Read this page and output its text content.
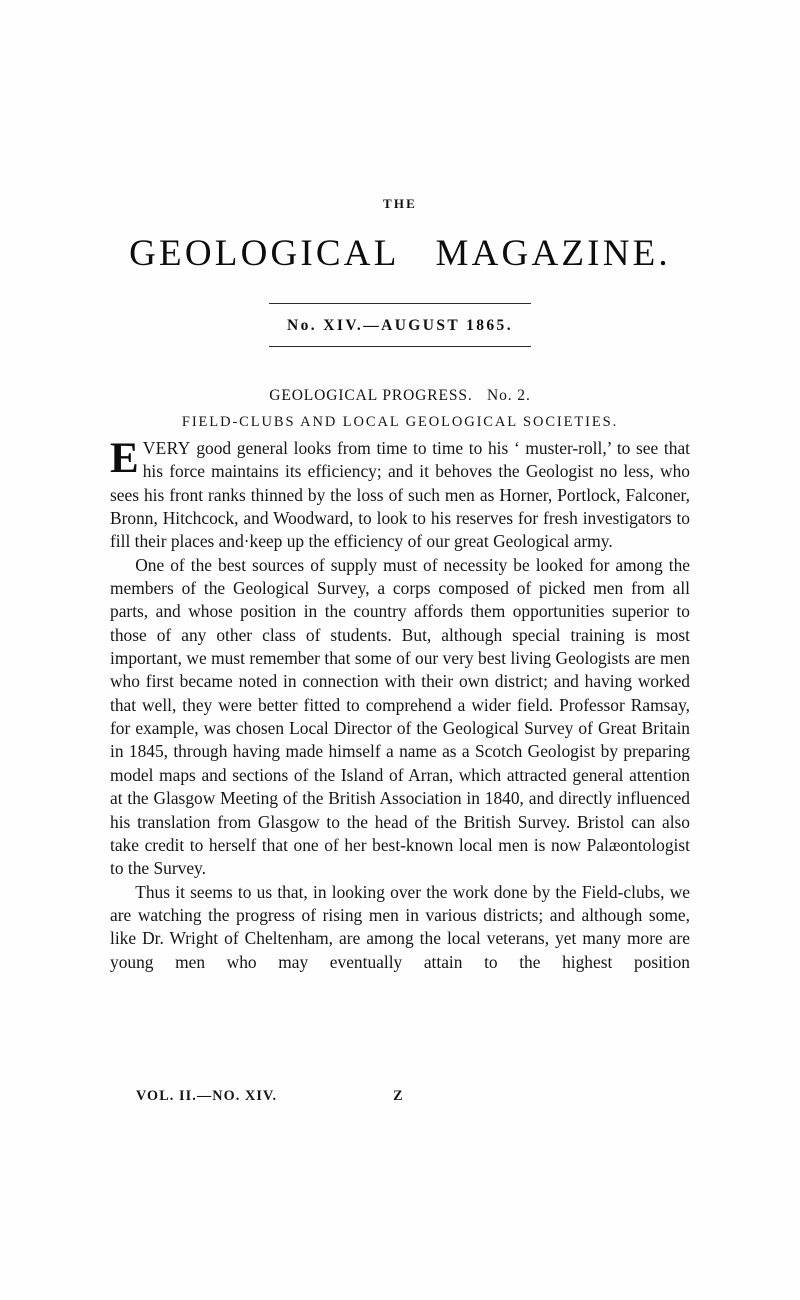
THE
GEOLOGICAL   MAGAZINE.
No. XIV.—AUGUST 1865.
GEOLOGICAL PROGRESS.   No. 2.
FIELD-CLUBS AND LOCAL GEOLOGICAL SOCIETIES.

EVERY good general looks from time to time to his ‘ muster-roll,’ to see that his force maintains its efficiency; and it behoves the Geologist no less, who sees his front ranks thinned by the loss of such men as Horner, Portlock, Falconer, Bronn, Hitchcock, and Woodward, to look to his reserves for fresh investigators to fill their places and·keep up the efficiency of our great Geological army.

One of the best sources of supply must of necessity be looked for among the members of the Geological Survey, a corps composed of picked men from all parts, and whose position in the country affords them opportunities superior to those of any other class of students. But, although special training is most important, we must remember that some of our very best living Geologists are men who first became noted in connection with their own district; and having worked that well, they were better fitted to comprehend a wider field. Professor Ramsay, for example, was chosen Local Director of the Geological Survey of Great Britain in 1845, through having made himself a name as a Scotch Geologist by preparing model maps and sections of the Island of Arran, which attracted general attention at the Glasgow Meeting of the British Association in 1840, and directly influenced his translation from Glasgow to the head of the British Survey. Bristol can also take credit to herself that one of her best-known local men is now Palæontologist to the Survey.

Thus it seems to us that, in looking over the work done by the Field-clubs, we are watching the progress of rising men in various districts; and although some, like Dr. Wright of Cheltenham, are among the local veterans, yet many more are young men who may eventually attain to the highest position

VOL. II.—NO. XIV.	Z
